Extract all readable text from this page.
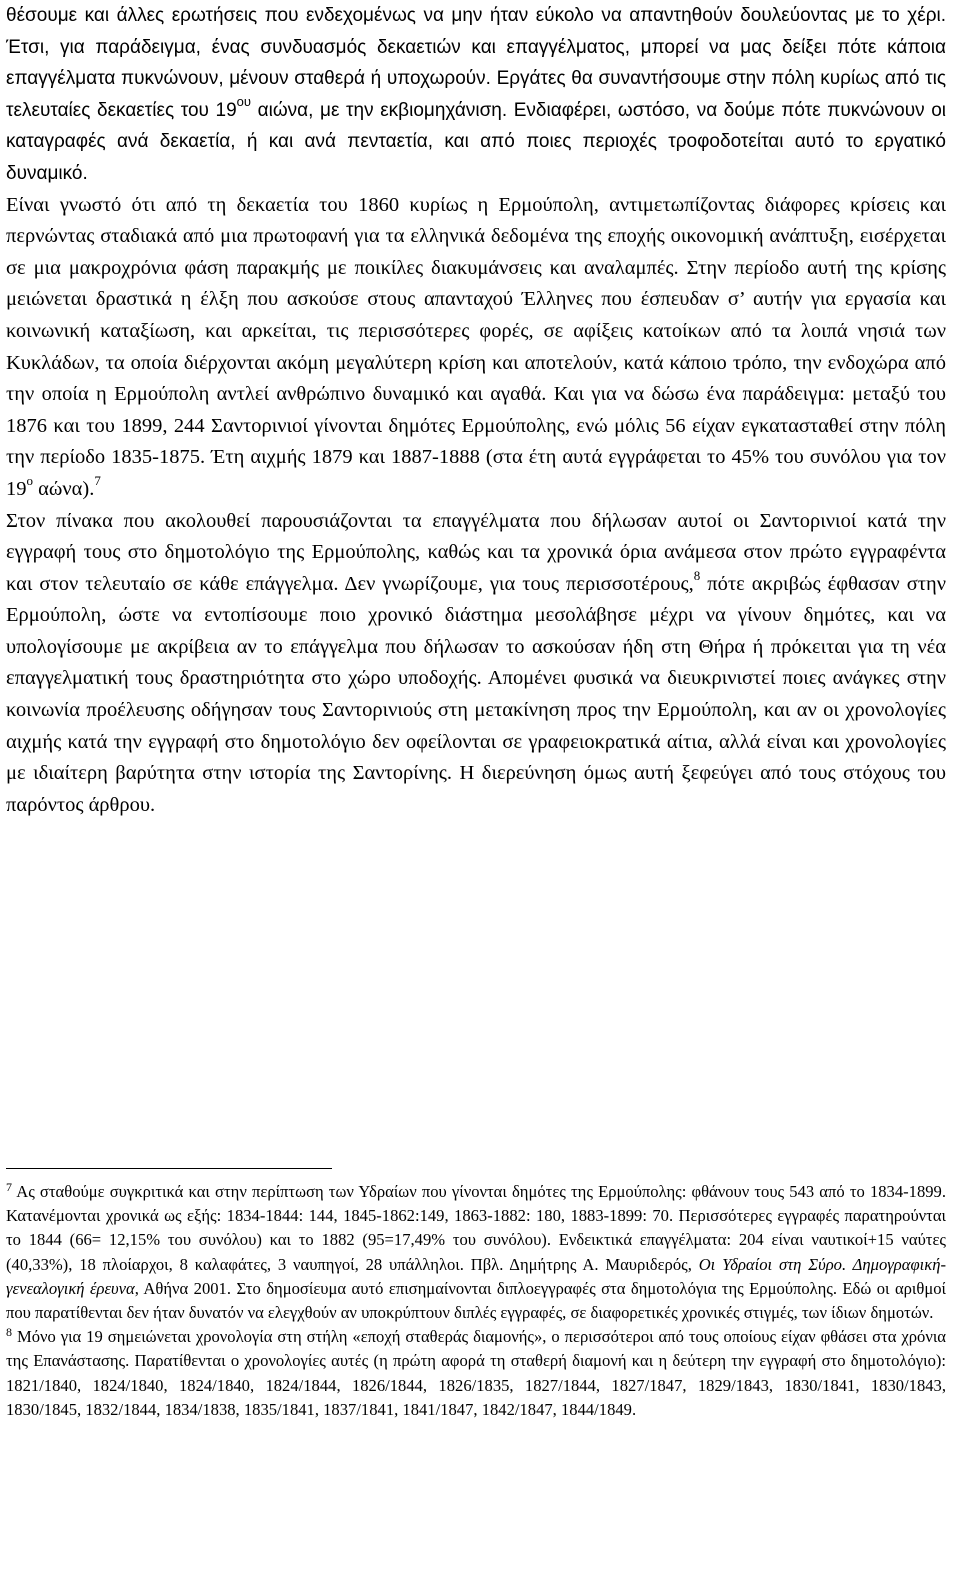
θέσουμε και άλλες ερωτήσεις που ενδεχομένως να μην ήταν εύκολο να απαντηθούν δουλεύοντας με το χέρι. Έτσι, για παράδειγμα, ένας συνδυασμός δεκαετιών και επαγγέλματος, μπορεί να μας δείξει πότε κάποια επαγγέλματα πυκνώνουν, μένουν σταθερά ή υποχωρούν. Εργάτες θα συναντήσουμε στην πόλη κυρίως από τις τελευταίες δεκαετίες του $19^{o\upsilon}$ αιώνα, με την εκβιομηχάνιση. Ενδιαφέρει, ωστόσο, να δούμε πότε πυκνώνουν οι καταγραφές ανά δεκαετία, ή και ανά πενταετία, και από ποιες περιοχές τροφοδοτείται αυτό το εργατικό δυναμικό.

Είναι γνωστό ότι από τη δεκαετία του 1860 κυρίως η Ερμούπολη, αντιμετωπίζοντας διάφορες κρίσεις και περνώντας σταδιακά από μια πρωτοφανή για τα ελληνικά δεδομένα της εποχής οικονομική ανάπτυξη, εισέρχεται σε μια μακροχρόνια φάση παρακμής με ποικίλες διακυμάνσεις και αναλαμπές. Στην περίοδο αυτή της κρίσης μειώνεται δραστικά η έλξη που ασκούσε στους απανταχού Έλληνες που έσπευδαν σ’ αυτήν για εργασία και κοινωνική καταξίωση, και αρκείται, τις περισσότερες φορές, σε αφίξεις κατοίκων από τα λοιπά νησιά των Κυκλάδων, τα οποία διέρχονται ακόμη μεγαλύτερη κρίση και αποτελούν, κατά κάποιο τρόπο, την ενδοχώρα από την οποία η Ερμούπολη αντλεί ανθρώπινο δυναμικό και αγαθά. Και για να δώσω ένα παράδειγμα: μεταξύ του 1876 και του 1899, 244 Σαντορινιοί γίνονται δημότες Ερμούπολης, ενώ μόλις 56 είχαν εγκατασταθεί στην πόλη την περίοδο 1835-1875. Έτη αιχμής 1879 και 1887-1888 (στα έτη αυτά εγγράφεται το 45% του συνόλου για τον $19^o$ αώνα).$^7$

Στον πίνακα που ακολουθεί παρουσιάζονται τα επαγγέλματα που δήλωσαν αυτοί οι Σαντορινιοί κατά την εγγραφή τους στο δημοτολόγιο της Ερμούπολης, καθώς και τα χρονικά όρια ανάμεσα στον πρώτο εγγραφέντα και στον τελευταίο σε κάθε επάγγελμα. Δεν γνωρίζουμε, για τους περισσοτέρους,$^8$ πότε ακριβώς έφθασαν στην Ερμούπολη, ώστε να εντοπίσουμε ποιο χρονικό διάστημα μεσολάβησε μέχρι να γίνουν δημότες, και να υπολογίσουμε με ακρίβεια αν το επάγγελμα που δήλωσαν το ασκούσαν ήδη στη Θήρα ή πρόκειται για τη νέα επαγγελματική τους δραστηριότητα στο χώρο υποδοχής. Απομένει φυσικά να διευκρινιστεί ποιες ανάγκες στην κοινωνία προέλευσης οδήγησαν τους Σαντορινιούς στη μετακίνηση προς την Ερμούπολη, και αν οι χρονολογίες αιχμής κατά την εγγραφή στο δημοτολόγιο δεν οφείλονται σε γραφειοκρατικά αίτια, αλλά είναι και χρονολογίες με ιδιαίτερη βαρύτητα στην ιστορία της Σαντορίνης. Η διερεύνηση όμως αυτή ξεφεύγει από τους στόχους του παρόντος άρθρου.

$^7$ Ας σταθούμε συγκριτικά και στην περίπτωση των Υδραίων που γίνονται δημότες της Ερμούπολης: φθάνουν τους 543 από το 1834-1899. Κατανέμονται χρονικά ως εξής: 1834-1844: 144, 1845-1862:149, 1863-1882: 180, 1883-1899: 70. Περισσότερες εγγραφές παρατηρούνται το 1844 (66= 12,15% του συνόλου) και το 1882 (95=17,49% του συνόλου). Ενδεικτικά επαγγέλματα: 204 είναι ναυτικοί+15 ναύτες (40,33%), 18 πλοίαρχοι, 8 καλαφάτες, 3 ναυπηγοί, 28 υπάλληλοι. Πβλ. Δημήτρης Α. Μαυριδερός, Οι Υδραίοι στη Σύρο. Δημογραφική-γενεαλογική έρευνα, Αθήνα 2001. Στο δημοσίευμα αυτό επισημαίνονται διπλοεγγραφές στα δημοτολόγια της Ερμούπολης. Εδώ οι αριθμοί που παρατίθενται δεν ήταν δυνατόν να ελεγχθούν αν υποκρύπτουν διπλές εγγραφές, σε διαφορετικές χρονικές στιγμές, των ίδιων δημοτών.

$^8$ Μόνο για 19 σημειώνεται χρονολογία στη στήλη «εποχή σταθεράς διαμονής», ο περισσότεροι από τους οποίους είχαν φθάσει στα χρόνια της Επανάστασης. Παρατίθενται ο χρονολογίες αυτές (η πρώτη αφορά τη σταθερή διαμονή και η δεύτερη την εγγραφή στο δημοτολόγιο): 1821/1840, 1824/1840, 1824/1840, 1824/1844, 1826/1844, 1826/1835, 1827/1844, 1827/1847, 1829/1843, 1830/1841, 1830/1843, 1830/1845, 1832/1844, 1834/1838, 1835/1841, 1837/1841, 1841/1847, 1842/1847, 1844/1849.
